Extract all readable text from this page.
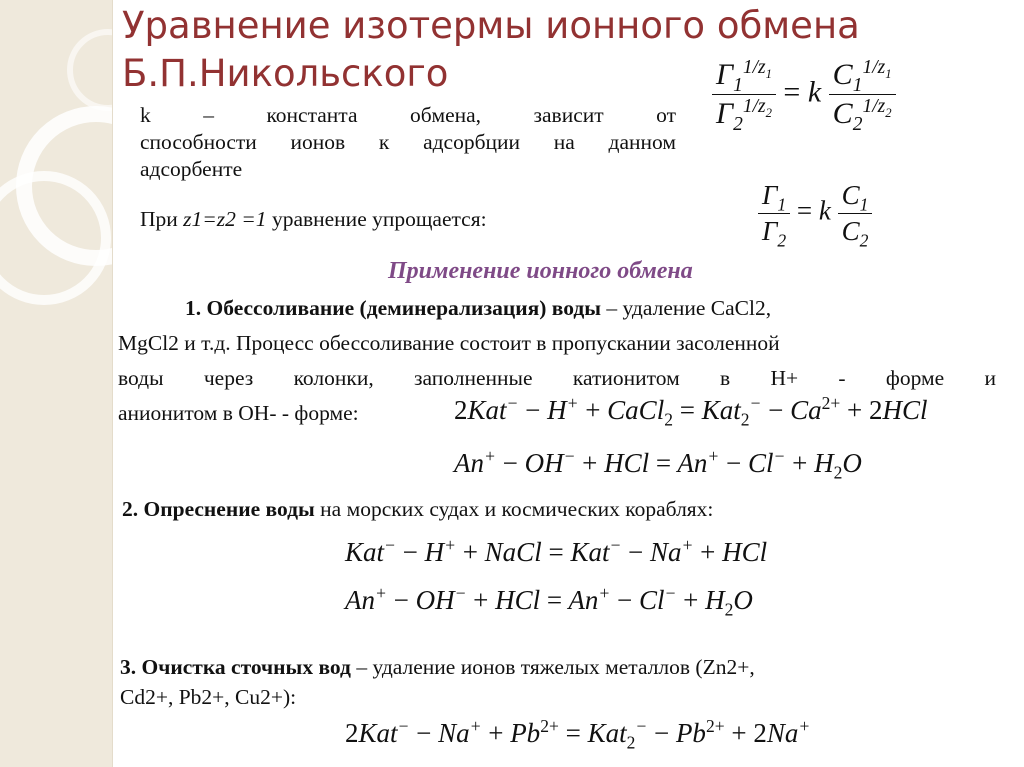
Уравнение изотермы ионного обмена
Б.П.Никольского	$\frac{Г_1^{1/z_1}}{Г_2^{1/z_2}} = k \frac{C_1^{1/z_1}}{C_2^{1/z_2}}$
$\frac{Г_1}{Г_2} = k \frac{C_1}{C_2}$
k – константа обмена, зависит от
способности ионов к адсорбции на данном
адсорбенте
При z1=z2 =1 уравнение упрощается:
Применение ионного обмена
1. Обессоливание (деминерализация) воды – удаление CaCl2,
MgCl2 и т.д. Процесс обессоливание состоит в пропускании засоленной
воды через колонки, заполненные катионитом в H+ - форме и
анионитом в OH- - форме:	2Kat− − H+ + CaCl$_2$ = $Kat_2^- - Ca^{2+} + 2HCl$
An+ − OH− + HCl = $An^+ - Cl^- + H_2O$
2. Опреснение воды на морских судах и космических кораблях:
Kat− − H+ + NaCl = Kat− − Na+ + HCl
An+ − OH− + HCl = $An^+ - Cl^- + H_2O$
3. Очистка сточных вод – удаление ионов тяжелых металлов (Zn2+,
Cd2+, Pb2+, Cu2+):
$2Kat^- - Na^+ + Pb^{2+} = Kat_2^- - Pb^{2+} + 2Na^+$
